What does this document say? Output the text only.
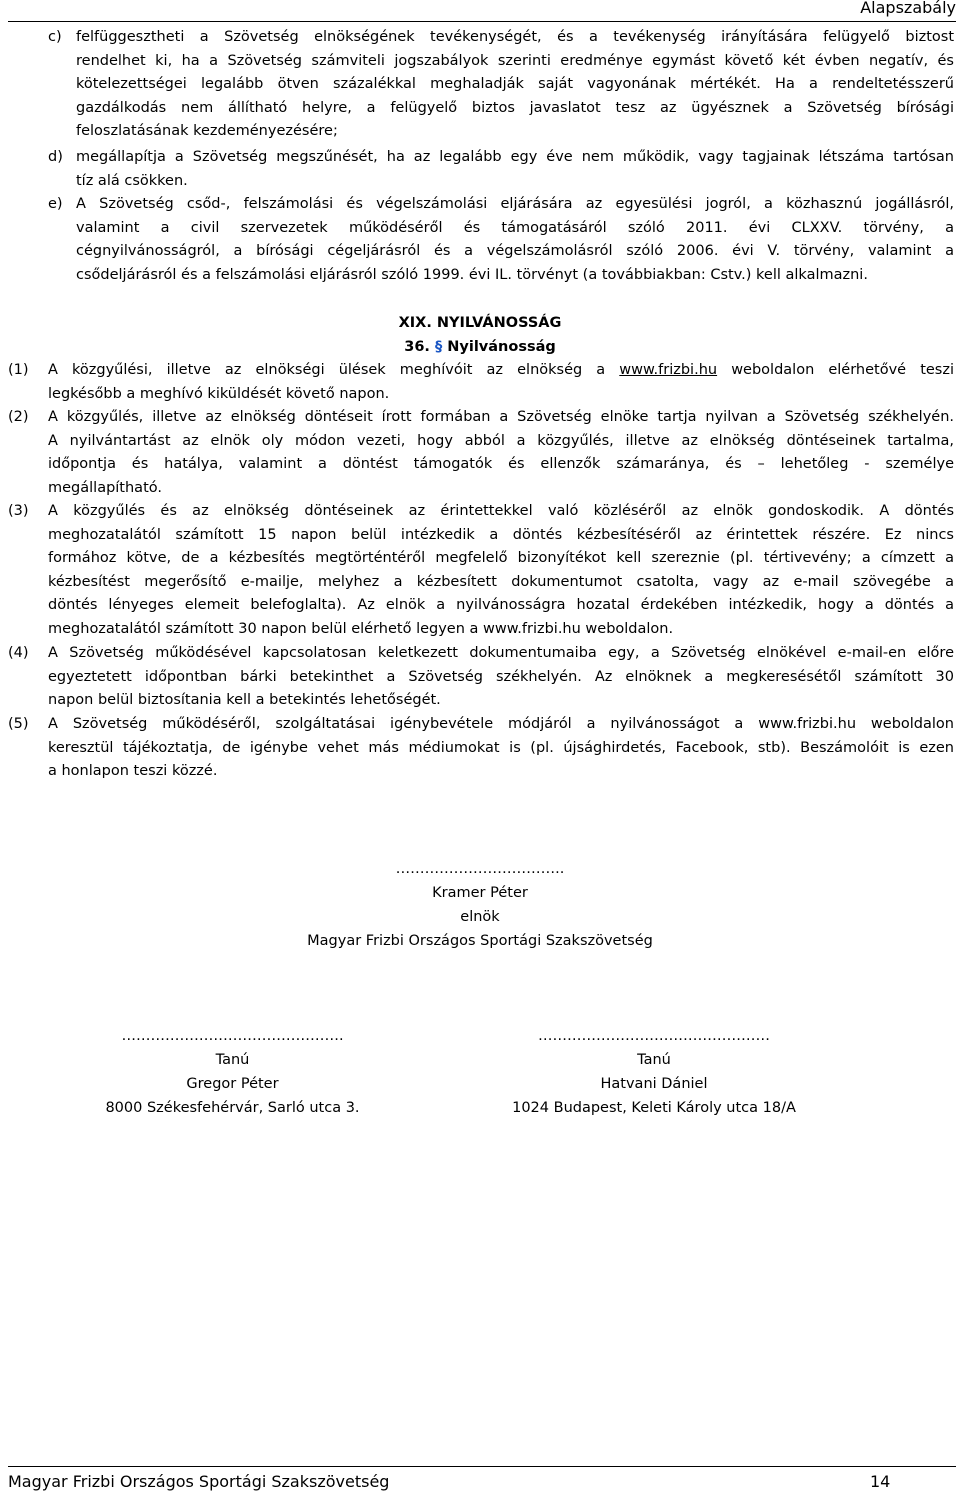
Alapszabály
c) felfüggesztheti a Szövetség elnökségének tevékenységét, és a tevékenység irányítására felügyelő biztost
rendelhet ki, ha a Szövetség számviteli jogszabályok szerinti eredménye egymást követő két évben negatív, és
kötelezettségei legalább ötven százalékkal meghaladják saját vagyonának mértékét. Ha a rendeltetésszerű
gazdálkodás nem állítható helyre, a felügyelő biztos javaslatot tesz az ügyésznek a Szövetség bírósági
feloszlatásának kezdeményezésére;
d) megállapítja a Szövetség megszűnését, ha az legalább egy éve nem működik, vagy tagjainak létszáma tartósan
tíz alá csökken.
e) A Szövetség csőd-, felszámolási és végelszámolási eljárására az egyesülési jogról, a közhasznú jogállásról,
valamint a civil szervezetek működéséről és támogatásáról szóló 2011. évi CLXXV. törvény, a
cégnyilvánosságról, a bírósági cégeljárásról és a végelszámolásról szóló 2006. évi V. törvény, valamint a
csődeljárásról és a felszámolási eljárásról szóló 1999. évi IL. törvényt (a továbbiakban: Cstv.) kell alkalmazni.
XIX. NYILVÁNOSSÁG
36. § Nyilvánosság
(1) A közgyűlési, illetve az elnökségi ülések meghívóit az elnökség a www.frizbi.hu weboldalon elérhetővé teszi
legkésőbb a meghívó kiküldését követő napon.
(2) A közgyűlés, illetve az elnökség döntéseit írott formában a Szövetség elnöke tartja nyilvan a Szövetség székhelyén.
A nyilvántartást az elnök oly módon vezeti, hogy abból a közgyűlés, illetve az elnökség döntéseinek tartalma,
időpontja és hatálya, valamint a döntést támogatók és ellenzők számaránya, és – lehetőleg - személye
megállapítható.
(3) A közgyűlés és az elnökség döntéseinek az érintettekkel való közléséről az elnök gondoskodik. A döntés
meghozatalától számított 15 napon belül intézkedik a döntés kézbesítéséről az érintettek részére. Ez nincs
formához kötve, de a kézbesítés megtörténtéről megfelelő bizonyítékot kell szereznie (pl. tértivevény; a címzett a
kézbesítést megerősítő e-mailje, melyhez a kézbesített dokumentumot csatolta, vagy az e-mail szövegébe a
döntés lényeges elemeit belefoglalta). Az elnök a nyilvánosságra hozatal érdekében intézkedik, hogy a döntés a
meghozatalától számított 30 napon belül elérhető legyen a www.frizbi.hu weboldalon.
(4) A Szövetség működésével kapcsolatosan keletkezett dokumentumaiba egy, a Szövetség elnökével e-mail-en előre
egyeztetett időpontban bárki betekinthet a Szövetség székhelyén. Az elnöknek a megkeresésétől számított 30
napon belül biztosítania kell a betekintés lehetőségét.
(5) A Szövetség működéséről, szolgáltatásai igénybevétele módjáról a nyilvánosságot a www.frizbi.hu weboldalon
keresztül tájékoztatja, de igénybe vehet más médiumokat is (pl. újsághirdetés, Facebook, stb). Beszámolóit is ezen
a honlapon teszi közzé.
……………………………..
Kramer Péter
elnök
Magyar Frizbi Országos Sportági Szakszövetség
……………………………………….
Tanú
Gregor Péter
8000 Székesfehérvár, Sarló utca 3.
…………………………………………
Tanú
Hatvani Dániel
1024 Budapest, Keleti Károly utca 18/A
Magyar Frizbi Országos Sportági Szakszövetség	14
